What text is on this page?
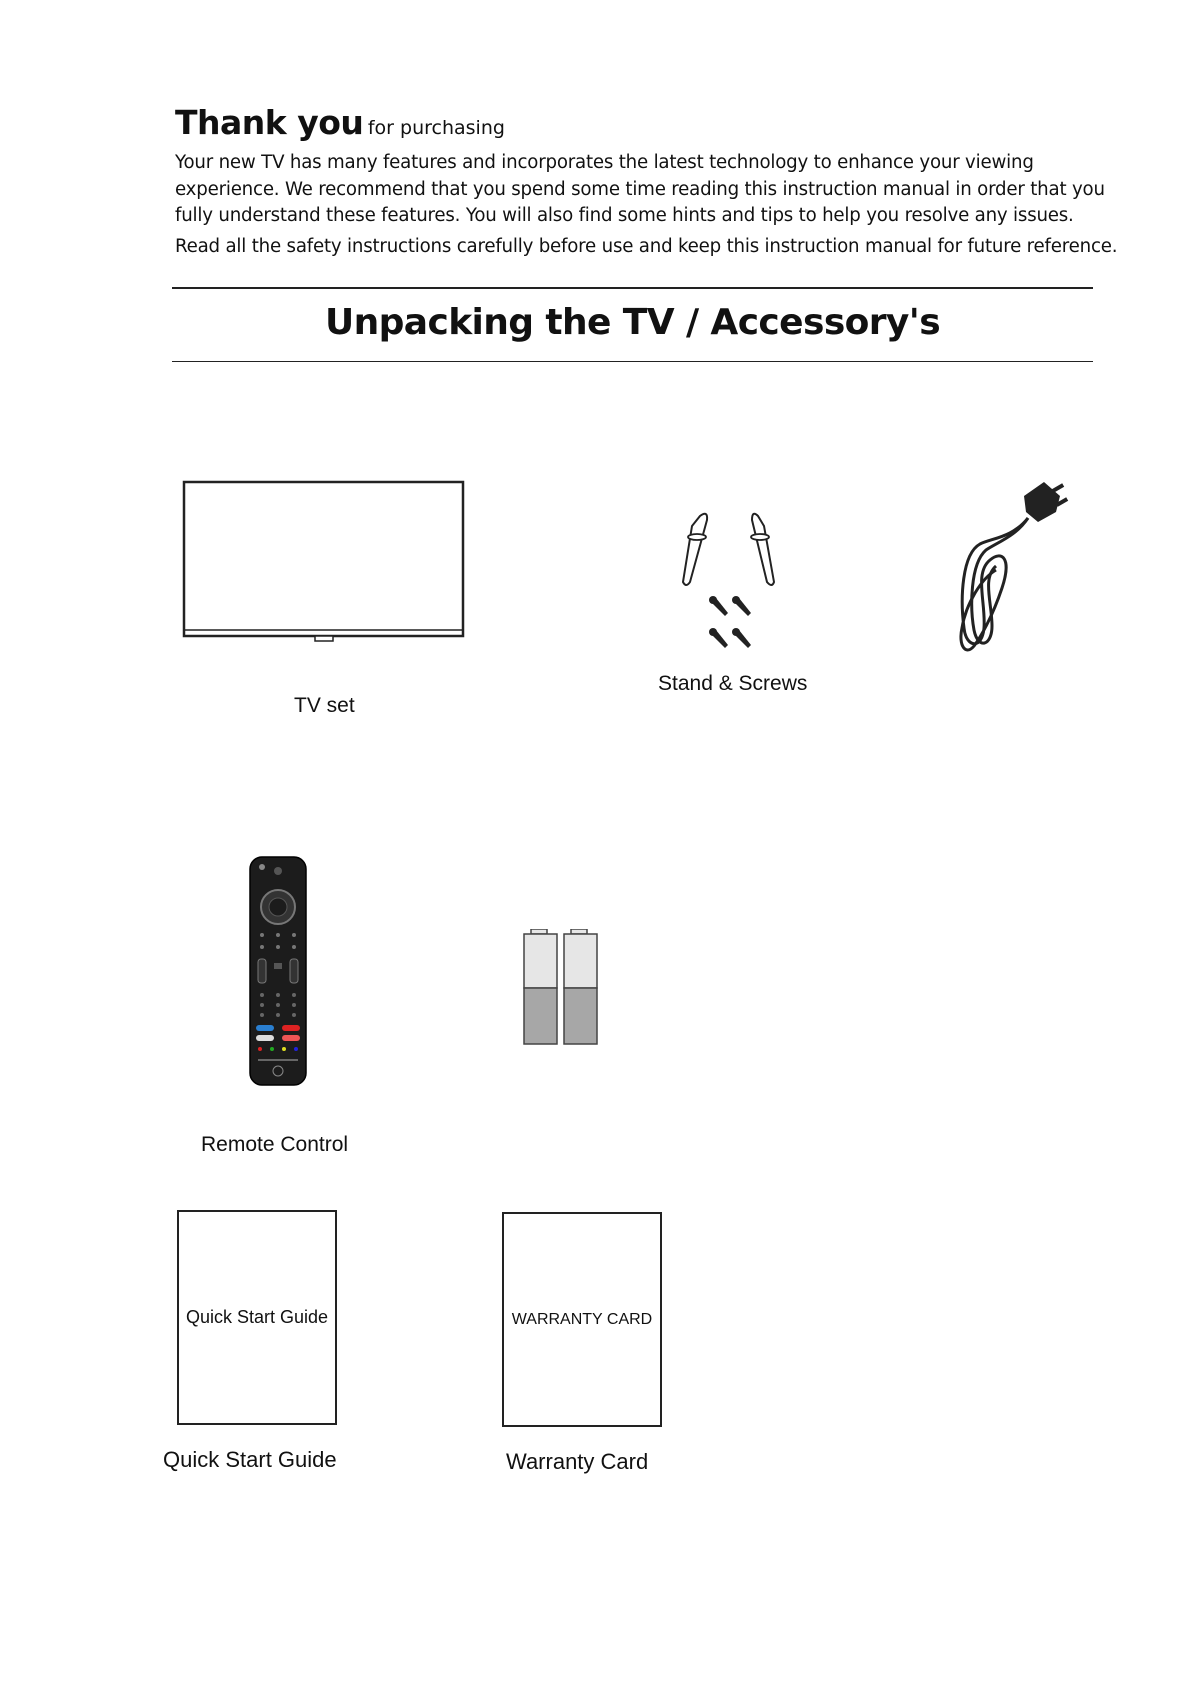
Thank you for purchasing

Your new TV has many features and incorporates the latest technology to enhance your viewing

experience. We recommend that you spend some time reading this instruction manual in order that you

fully understand these features. You will also find some hints and tips to help you resolve any issues.

Read all the safety instructions carefully before use and keep this instruction manual for future reference.

Unpacking the TV / Accessory's
TV set
Stand & Screws
Remote Control
Quick Start Guide
Quick Start Guide
WARRANTY CARD
Warranty Card
